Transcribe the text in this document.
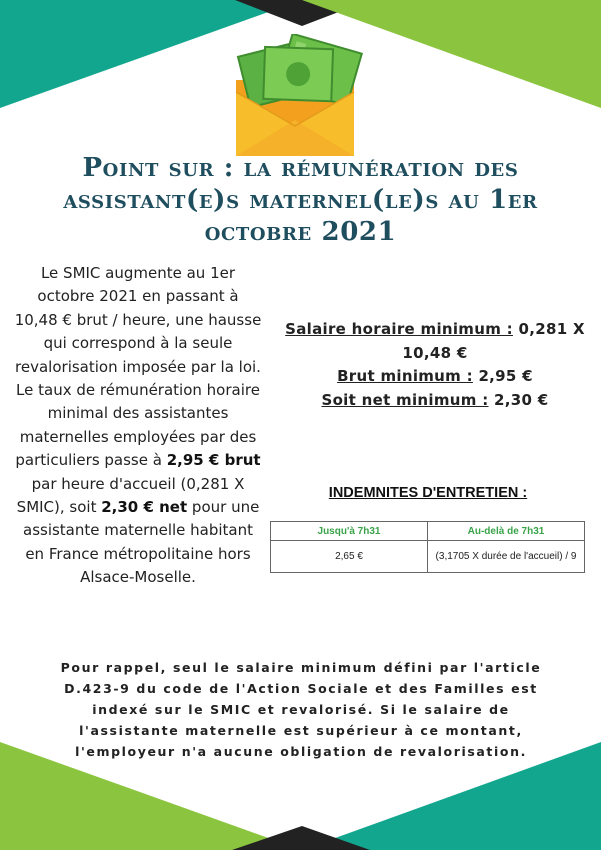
Point sur : la rémunération des assistant(e)s maternel(le)s au 1er octobre 2021

Le SMIC augmente au 1er octobre 2021 en passant à 10,48 € brut / heure, une hausse qui correspond à la seule revalorisation imposée par la loi. Le taux de rémunération horaire minimal des assistantes maternelles employées par des particuliers passe à 2,95 € brut par heure d'accueil (0,281 X SMIC), soit 2,30 € net pour une assistante maternelle habitant en France métropolitaine hors Alsace-Moselle.

Salaire horaire minimum : 0,281 X 10,48 €
Brut minimum : 2,95 €
Soit net minimum : 2,30 €
INDEMNITES D'ENTRETIEN :
Jusqu'à 7h31	Au-delà de 7h31
2,65 €	(3,1705 X durée de l'accueil) / 9

Pour rappel, seul le salaire minimum défini par l'article D.423-9 du code de l'Action Sociale et des Familles est indexé sur le SMIC et revalorisé. Si le salaire de l'assistante maternelle est supérieur à ce montant, l'employeur n'a aucune obligation de revalorisation.
